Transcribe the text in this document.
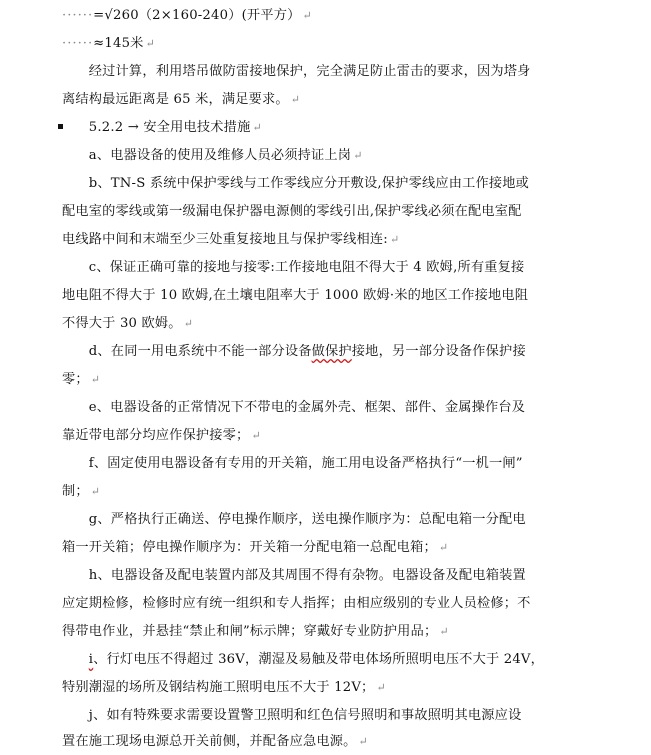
······=√260（2×160-240）(开平方） ↵
······≈145米 ↵
　　经过计算，利用塔吊做防雷接地保护，完全满足防止雷击的要求，因为塔身
离结构最远距离是 65 米，满足要求。 ↵
　　5.2.2 → 安全用电技术措施 ↵
　　a、电器设备的使用及维修人员必须持证上岗 ↵
　　b、TN-S 系统中保护零线与工作零线应分开敷设,保护零线应由工作接地或
配电室的零线或第一级漏电保护器电源侧的零线引出,保护零线必须在配电室配
电线路中间和末端至少三处重复接地且与保护零线相连: ↵
　　c、保证正确可靠的接地与接零:工作接地电阻不得大于 4 欧姆,所有重复接
地电阻不得大于 10 欧姆,在土壤电阻率大于 1000 欧姆·米的地区工作接地电阻
不得大于 30 欧姆。 ↵
　　d、在同一用电系统中不能一部分设备做保护接地，另一部分设备作保护接
零； ↵
　　e、电器设备的正常情况下不带电的金属外壳、框架、部件、金属操作台及
靠近带电部分均应作保护接零； ↵
　　f、固定使用电器设备有专用的开关箱，施工用电设备严格执行“一机一闸”
制； ↵
　　g、严格执行正确送、停电操作顺序，送电操作顺序为：总配电箱一分配电
箱一开关箱；停电操作顺序为：开关箱一分配电箱一总配电箱； ↵
　　h、电器设备及配电装置内部及其周围不得有杂物。电器设备及配电箱装置
应定期检修，检修时应有统一组织和专人指挥；由相应级别的专业人员检修；不
得带电作业，并悬挂“禁止和闸”标示牌；穿戴好专业防护用品； ↵
　　i、行灯电压不得超过 36V，潮湿及易触及带电体场所照明电压不大于 24V，
特别潮湿的场所及钢结构施工照明电压不大于 12V； ↵
　　j、如有特殊要求需要设置警卫照明和红色信号照明和事故照明其电源应设
置在施工现场电源总开关前侧，并配备应急电源。 ↵
